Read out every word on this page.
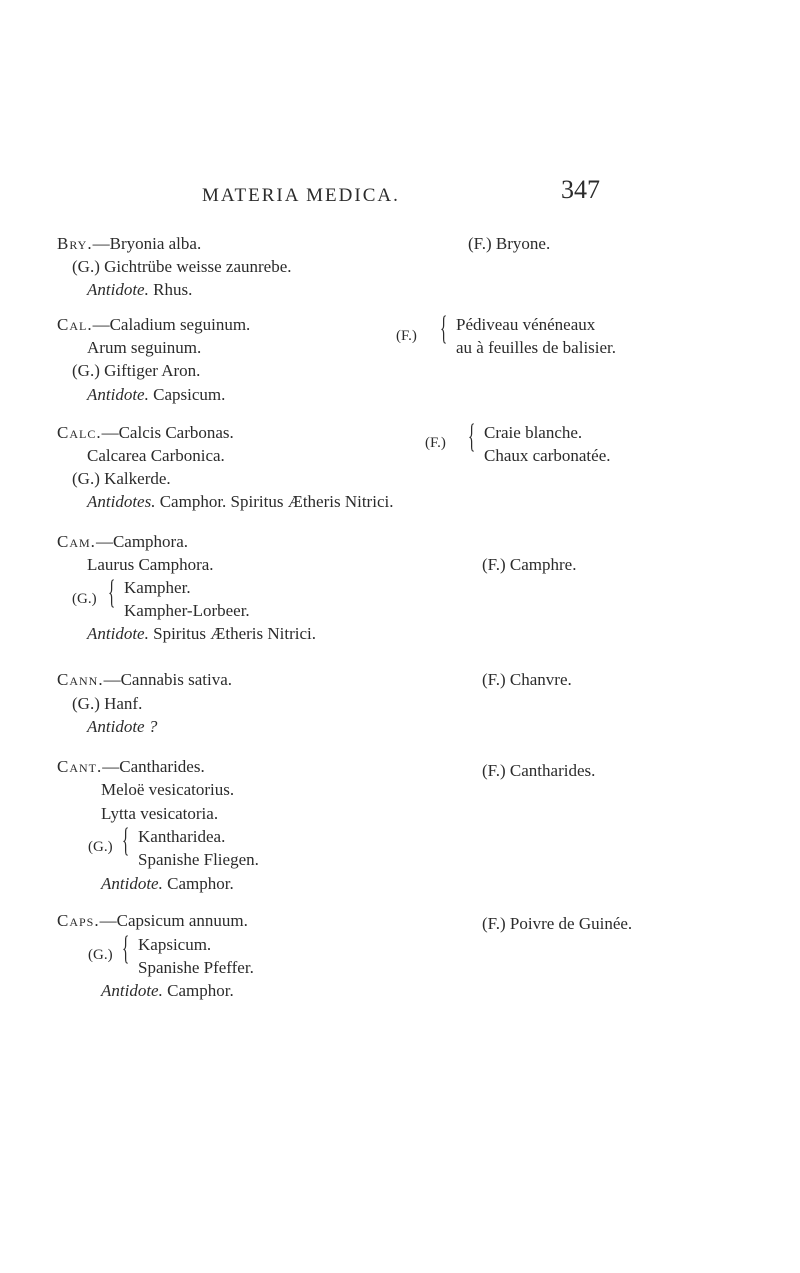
MATERIA MEDICA.	347
Bry.—Bryonia alba.	(F.) Bryone.
(G.) Gichtrübe weisse zaunrebe.
Antidote. Rhus.
Cal.—Caladium seguinum.
Arum seguinum.
(F.) { Pédiveau vénéneaux
au à feuilles de balisier.
(G.) Giftiger Aron.
Antidote. Capsicum.
Calc.—Calcis Carbonas.
Calcarea Carbonica.
(F.) { Craie blanche.
Chaux carbonatée.
(G.) Kalkerde.
Antidotes. Camphor. Spiritus Ætheris Nitrici.
Cam.—Camphora.
Laurus Camphora.	(F.) Camphre.
(G.) { Kampher.
Kampher-Lorbeer.
Antidote. Spiritus Ætheris Nitrici.
Cann.—Cannabis sativa.	(F.) Chanvre.
(G.) Hanf.
Antidote ?
Cant.—Cantharides.	(F.) Cantharides.
Meloë vesicatorius.
Lytta vesicatoria.
(G.) { Kantharidea.
Spanishe Fliegen.
Antidote. Camphor.
Caps.—Capsicum annuum.	(F.) Poivre de Guinée.
(G.) { Kapsicum.
Spanishe Pfeffer.
Antidote. Camphor.
